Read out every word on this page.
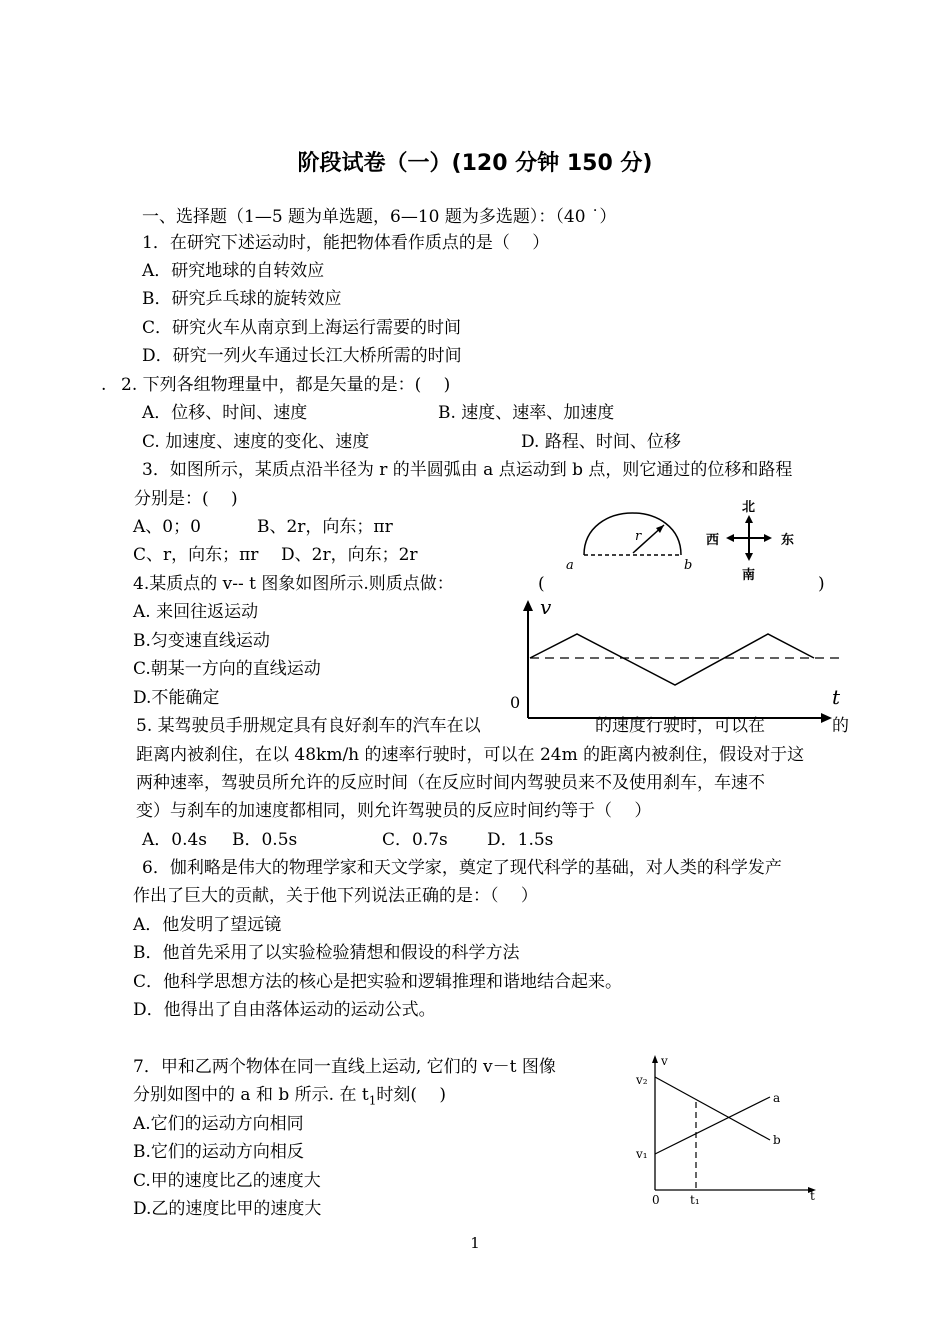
阶段试卷（一）(120 分钟 150 分)
一、选择题（1—5 题为单选题，6—10 题为多选题）：（40 ˙）
1．在研究下述运动时，能把物体看作质点的是（　 ）
A．研究地球的自转效应
B．研究乒乓球的旋转效应
C．研究火车从南京到上海运行需要的时间
D．研究一列火车通过长江大桥所需的时间
. 2. 下列各组物理量中，都是矢量的是：(　 )
A．位移、时间、速度	B. 速度、速率、加速度
C. 加速度、速度的变化、速度	D. 路程、时间、位移
3．如图所示，某质点沿半径为 r 的半圆弧由 a 点运动到 b 点，则它通过的位移和路程
分别是：(　 )
A、0；0	B、2r，向东；πr
C、r，向东；πr D、2r，向东；2r
r
a	b
北
南
西	东
4.某质点的 v-- t 图象如图所示.则质点做：	(	)
A. 来回往返运动
B.匀变速直线运动
C.朝某一方向的直线运动
D.不能确定
v
t
0
5. 某驾驶员手册规定具有良好刹车的汽车在以	的速度行驶时，可以在	的
距离内被刹住，在以 48km/h 的速率行驶时，可以在 24m 的距离内被刹住，假设对于这
两种速率，驾驶员所允许的反应时间（在反应时间内驾驶员来不及使用刹车，车速不
变）与刹车的加速度都相同，则允许驾驶员的反应时间约等于（　 ）
A．0.4s B．0.5s	C．0.7s D．1.5s
6．伽利略是伟大的物理学家和天文学家，奠定了现代科学的基础，对人类的科学发产
作出了巨大的贡献，关于他下列说法正确的是：（　 ）
A．他发明了望远镜
B．他首先采用了以实验检验猜想和假设的科学方法
C．他科学思想方法的核心是把实验和逻辑推理和谐地结合起来。
D．他得出了自由落体运动的运动公式。
7．甲和乙两个物体在同一直线上运动, 它们的 v－t 图像
分别如图中的 a 和 b 所示. 在 $t_1$时刻(　 )
A.它们的运动方向相同
B.它们的运动方向相反
C.甲的速度比乙的速度大
D.乙的速度比甲的速度大
v
v₂
v₁
a
b
0	t₁	t
1
